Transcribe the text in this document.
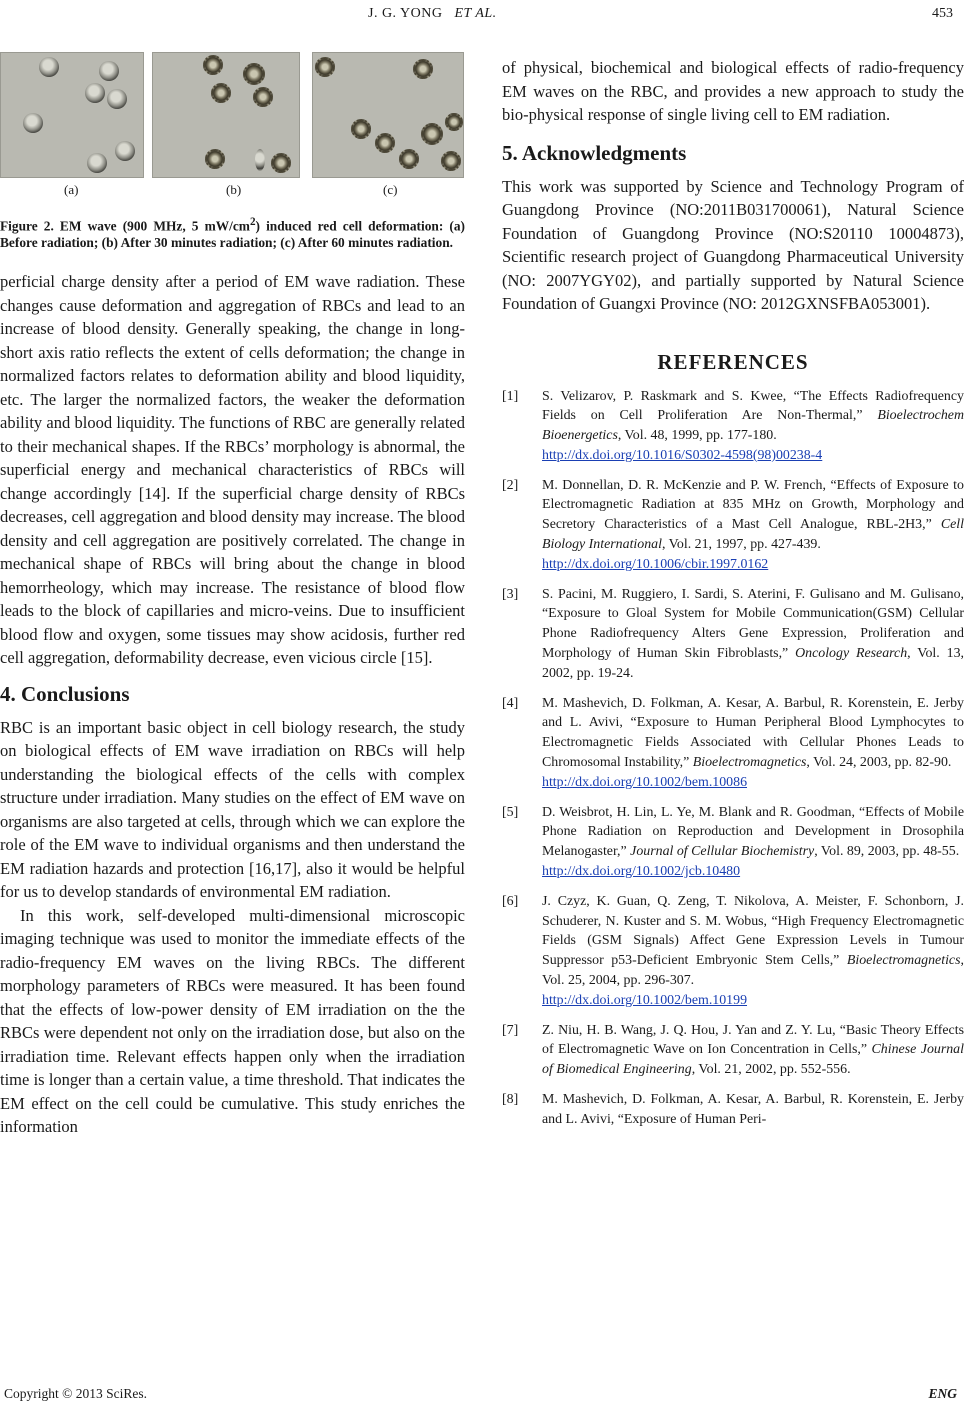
J. G. YONG ET AL.	453
(a)	(b)	(c)
Figure 2. EM wave (900 MHz, 5 $mW/cm^2$) induced red cell deformation: (a) Before radiation; (b) After 30 minutes radiation; (c) After 60 minutes radiation.

perficial charge density after a period of EM wave radiation. These changes cause deformation and aggregation of RBCs and lead to an increase of blood density. Generally speaking, the change in long-short axis ratio reflects the extent of cells deformation; the change in normalized factors relates to deformation ability and blood liquidity, etc. The larger the normalized factors, the weaker the deformation ability and blood liquidity. The functions of RBC are generally related to their mechanical shapes. If the RBCs’ morphology is abnormal, the superficial energy and mechanical characteristics of RBCs will change accordingly [14]. If the superficial charge density of RBCs decreases, cell aggregation and blood density may increase. The blood density and cell aggregation are positively correlated. The change in mechanical shape of RBCs will bring about the change in blood hemorrheology, which may increase. The resistance of blood flow leads to the block of capillaries and micro-veins. Due to insufficient blood flow and oxygen, some tissues may show acidosis, further red cell aggregation, deformability decrease, even vicious circle [15].

4. Conclusions

RBC is an important basic object in cell biology research, the study on biological effects of EM wave irradiation on RBCs will help understanding the biological effects of the cells with complex structure under irradiation. Many studies on the effect of EM wave on organisms are also targeted at cells, through which we can explore the role of the EM wave to individual organisms and then understand the EM radiation hazards and protection [16,17], also it would be helpful for us to develop standards of environmental EM radiation.

In this work, self-developed multi-dimensional microscopic imaging technique was used to monitor the immediate effects of the radio-frequency EM waves on the living RBCs. The different morphology parameters of RBCs were measured. It has been found that the effects of low-power density of EM irradiation on the the RBCs were dependent not only on the irradiation dose, but also on the irradiation time. Relevant effects happen only when the irradiation time is longer than a certain value, a time threshold. That indicates the EM effect on the cell could be cumulative. This study enriches the information

of physical, biochemical and biological effects of radio-frequency EM waves on the RBC, and provides a new approach to study the bio-physical response of single living cell to EM radiation.

5. Acknowledgments

This work was supported by Science and Technology Program of Guangdong Province (NO:2011B031700061), Natural Science Foundation of Guangdong Province (NO:S20110 10004873), Scientific research project of Guangdong Pharmaceutical University (NO: 2007YGY02), and partially supported by Natural Science Foundation of Guangxi Province (NO: 2012GXNSFBA053001).

REFERENCES
[1] S. Velizarov, P. Raskmark and S. Kwee, “The Effects Radiofrequency Fields on Cell Proliferation Are Non-Thermal,” Bioelectrochem Bioenergetics, Vol. 48, 1999, pp. 177-180.
http://dx.doi.org/10.1016/S0302-4598(98)00238-4
[2] M. Donnellan, D. R. McKenzie and P. W. French, “Effects of Exposure to Electromagnetic Radiation at 835 MHz on Growth, Morphology and Secretory Characteristics of a Mast Cell Analogue, RBL-2H3,” Cell Biology International, Vol. 21, 1997, pp. 427-439.
http://dx.doi.org/10.1006/cbir.1997.0162
[3] S. Pacini, M. Ruggiero, I. Sardi, S. Aterini, F. Gulisano and M. Gulisano, “Exposure to Gloal System for Mobile Communication(GSM) Cellular Phone Radiofrequency Alters Gene Expression, Proliferation and Morphology of Human Skin Fibroblasts,” Oncology Research, Vol. 13, 2002, pp. 19-24.
[4] M. Mashevich, D. Folkman, A. Kesar, A. Barbul, R. Korenstein, E. Jerby and L. Avivi, “Exposure to Human Peripheral Blood Lymphocytes to Electromagnetic Fields Associated with Cellular Phones Leads to Chromosomal Instability,” Bioelectromagnetics, Vol. 24, 2003, pp. 82-90.
http://dx.doi.org/10.1002/bem.10086
[5] D. Weisbrot, H. Lin, L. Ye, M. Blank and R. Goodman, “Effects of Mobile Phone Radiation on Reproduction and Development in Drosophila Melanogaster,” Journal of Cellular Biochemistry, Vol. 89, 2003, pp. 48-55.
http://dx.doi.org/10.1002/jcb.10480
[6] J. Czyz, K. Guan, Q. Zeng, T. Nikolova, A. Meister, F. Schonborn, J. Schuderer, N. Kuster and S. M. Wobus, “High Frequency Electromagnetic Fields (GSM Signals) Affect Gene Expression Levels in Tumour Suppressor p53-Deficient Embryonic Stem Cells,” Bioelectromagnetics, Vol. 25, 2004, pp. 296-307.
http://dx.doi.org/10.1002/bem.10199
[7] Z. Niu, H. B. Wang, J. Q. Hou, J. Yan and Z. Y. Lu, “Basic Theory Effects of Electromagnetic Wave on Ion Concentration in Cells,” Chinese Journal of Biomedical Engineering, Vol. 21, 2002, pp. 552-556.
[8] M. Mashevich, D. Folkman, A. Kesar, A. Barbul, R. Korenstein, E. Jerby and L. Avivi, “Exposure of Human Peri-
Copyright © 2013 SciRes.	ENG
